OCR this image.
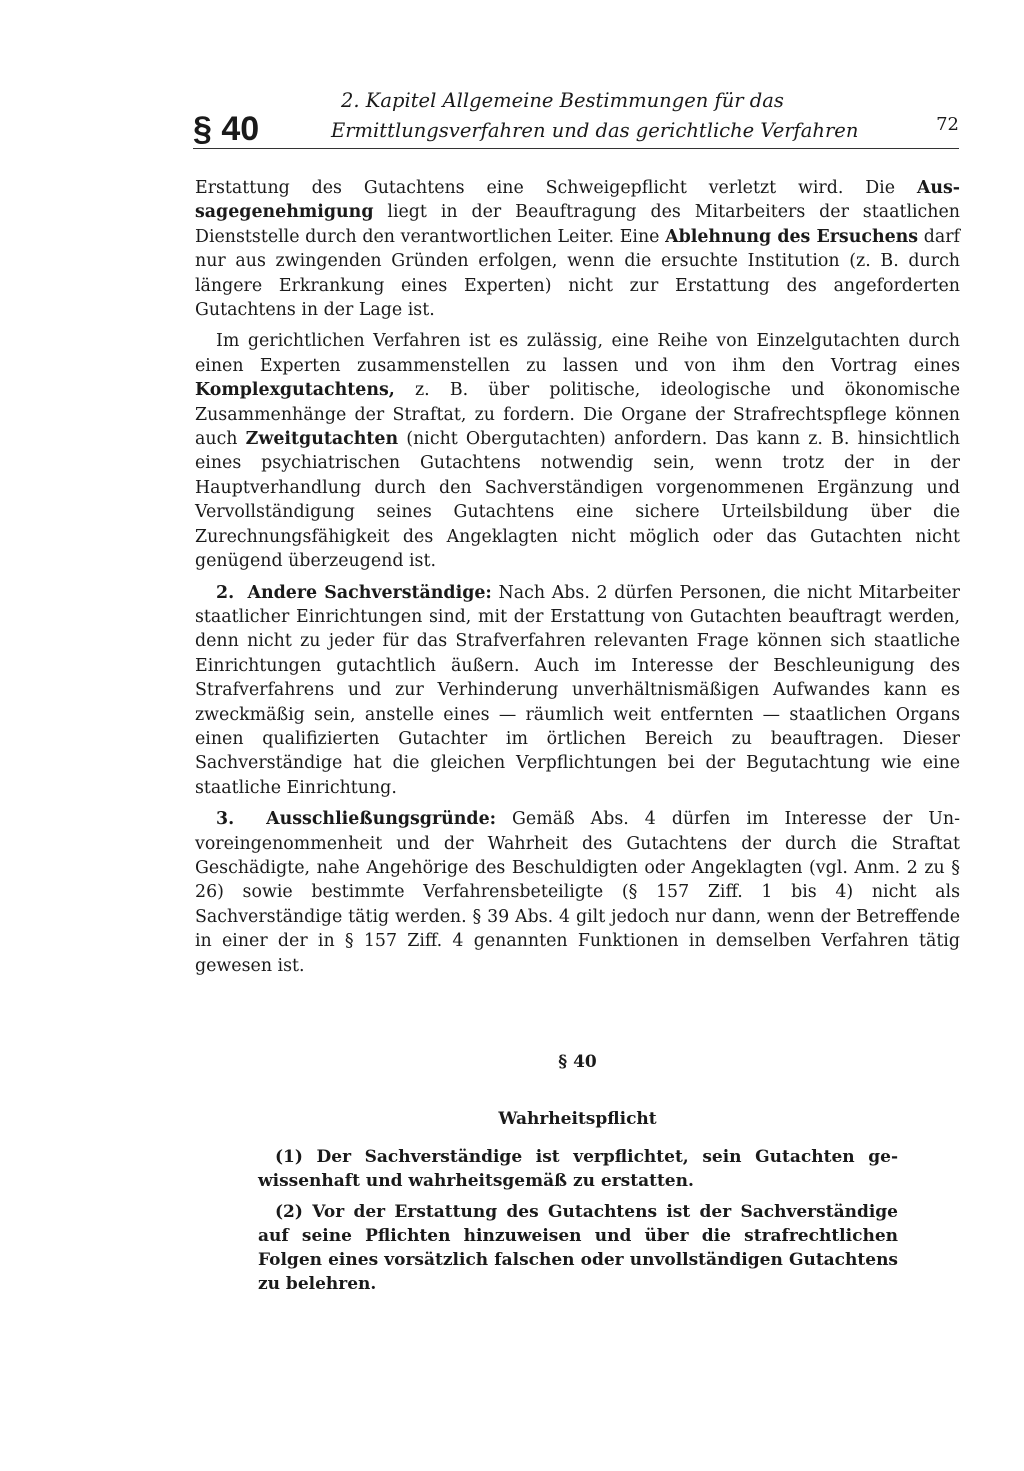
§ 40
2. Kapitel Allgemeine Bestimmungen für das
Ermittlungsverfahren und das gerichtliche Verfahren	72

Erstattung des Gutachtens eine Schweigepflicht verletzt wird. Die Aussagegenehmigung liegt in der Beauftragung des Mitarbeiters der staatlichen Dienststelle durch den verantwortlichen Leiter. Eine Ablehnung des Ersuchens darf nur aus zwingenden Gründen erfolgen, wenn die ersuchte Institution (z. B. durch längere Erkrankung eines Experten) nicht zur Erstattung des angeforderten Gutachtens in der Lage ist.

Im gerichtlichen Verfahren ist es zulässig, eine Reihe von Einzelgutachten durch einen Experten zusammenstellen zu lassen und von ihm den Vortrag eines Komplexgutachtens, z. B. über politische, ideologische und ökonomische Zusammenhänge der Straftat, zu fordern. Die Organe der Strafrechtspflege können auch Zweitgutachten (nicht Obergutachten) anfordern. Das kann z. B. hinsichtlich eines psychiatrischen Gutachtens notwendig sein, wenn trotz der in der Hauptverhandlung durch den Sachverständigen vorgenommenen Ergänzung und Vervollständigung seines Gutachtens eine sichere Urteilsbildung über die Zurechnungsfähigkeit des Angeklagten nicht möglich oder das Gutachten nicht genügend überzeugend ist.

2. Andere Sachverständige: Nach Abs. 2 dürfen Personen, die nicht Mitarbeiter staatlicher Einrichtungen sind, mit der Erstattung von Gutachten beauftragt werden, denn nicht zu jeder für das Strafverfahren relevanten Frage können sich staatliche Einrichtungen gutachtlich äußern. Auch im Interesse der Beschleunigung des Strafverfahrens und zur Verhinderung unverhältnismäßigen Aufwandes kann es zweckmäßig sein, anstelle eines — räumlich weit entfernten — staatlichen Organs einen qualifizierten Gutachter im örtlichen Bereich zu beauftragen. Dieser Sachverständige hat die gleichen Verpflichtungen bei der Begutachtung wie eine staatliche Einrichtung.

3. Ausschließungsgründe: Gemäß Abs. 4 dürfen im Interesse der Unvoreingenommenheit und der Wahrheit des Gutachtens der durch die Straftat Geschädigte, nahe Angehörige des Beschuldigten oder Angeklagten (vgl. Anm. 2 zu § 26) sowie bestimmte Verfahrensbeteiligte (§ 157 Ziff. 1 bis 4) nicht als Sachverständige tätig werden. § 39 Abs. 4 gilt jedoch nur dann, wenn der Betreffende in einer der in § 157 Ziff. 4 genannten Funktionen in demselben Verfahren tätig gewesen ist.

§ 40
Wahrheitspflicht

(1) Der Sachverständige ist verpflichtet, sein Gutachten gewissenhaft und wahrheitsgemäß zu erstatten.

(2) Vor der Erstattung des Gutachtens ist der Sachverständige auf seine Pflichten hinzuweisen und über die strafrechtlichen Folgen eines vorsätzlich falschen oder unvollständigen Gutachtens zu belehren.
